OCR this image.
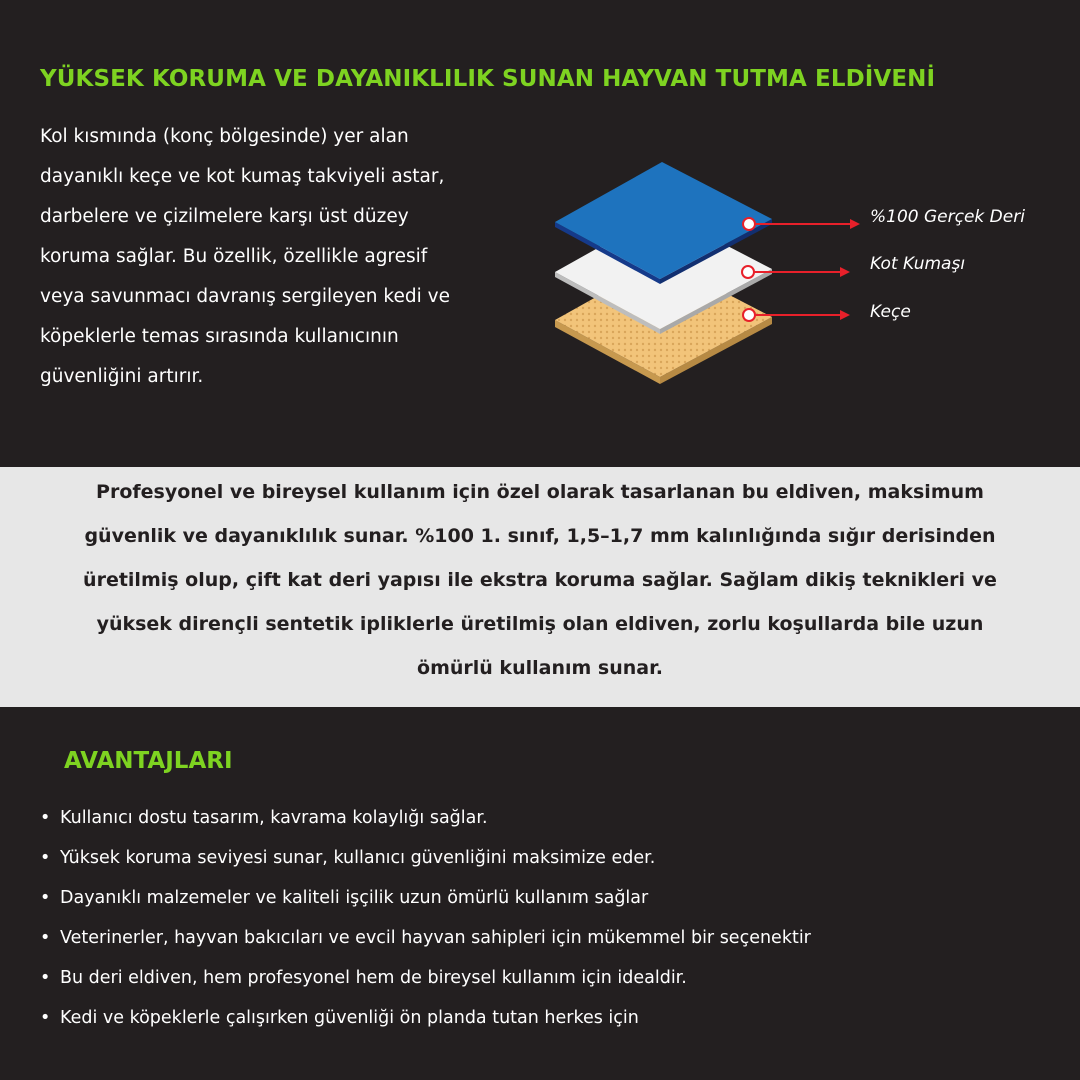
YÜKSEK KORUMA VE DAYANIKLILIK SUNAN HAYVAN TUTMA ELDİVENİ
Kol kısmında (konç bölgesinde) yer alan
dayanıklı keçe ve kot kumaş takviyeli astar,
darbelere ve çizilmelere karşı üst düzey
koruma sağlar. Bu özellik, özellikle agresif
veya savunmacı davranış sergileyen kedi ve
köpeklerle temas sırasında kullanıcının
güvenliğini artırır.
%100 Gerçek Deri
Kot Kumaşı
Keçe
Profesyonel ve bireysel kullanım için özel olarak tasarlanan bu eldiven, maksimum
güvenlik ve dayanıklılık sunar. %100 1. sınıf, 1,5–1,7 mm kalınlığında sığır derisinden
üretilmiş olup, çift kat deri yapısı ile ekstra koruma sağlar. Sağlam dikiş teknikleri ve
yüksek dirençli sentetik ipliklerle üretilmiş olan eldiven, zorlu koşullarda bile uzun
ömürlü kullanım sunar.
AVANTAJLARI
• Kullanıcı dostu tasarım, kavrama kolaylığı sağlar.
• Yüksek koruma seviyesi sunar, kullanıcı güvenliğini maksimize eder.
• Dayanıklı malzemeler ve kaliteli işçilik uzun ömürlü kullanım sağlar
• Veterinerler, hayvan bakıcıları ve evcil hayvan sahipleri için mükemmel bir seçenektir
• Bu deri eldiven, hem profesyonel hem de bireysel kullanım için idealdir.
• Kedi ve köpeklerle çalışırken güvenliği ön planda tutan herkes için
